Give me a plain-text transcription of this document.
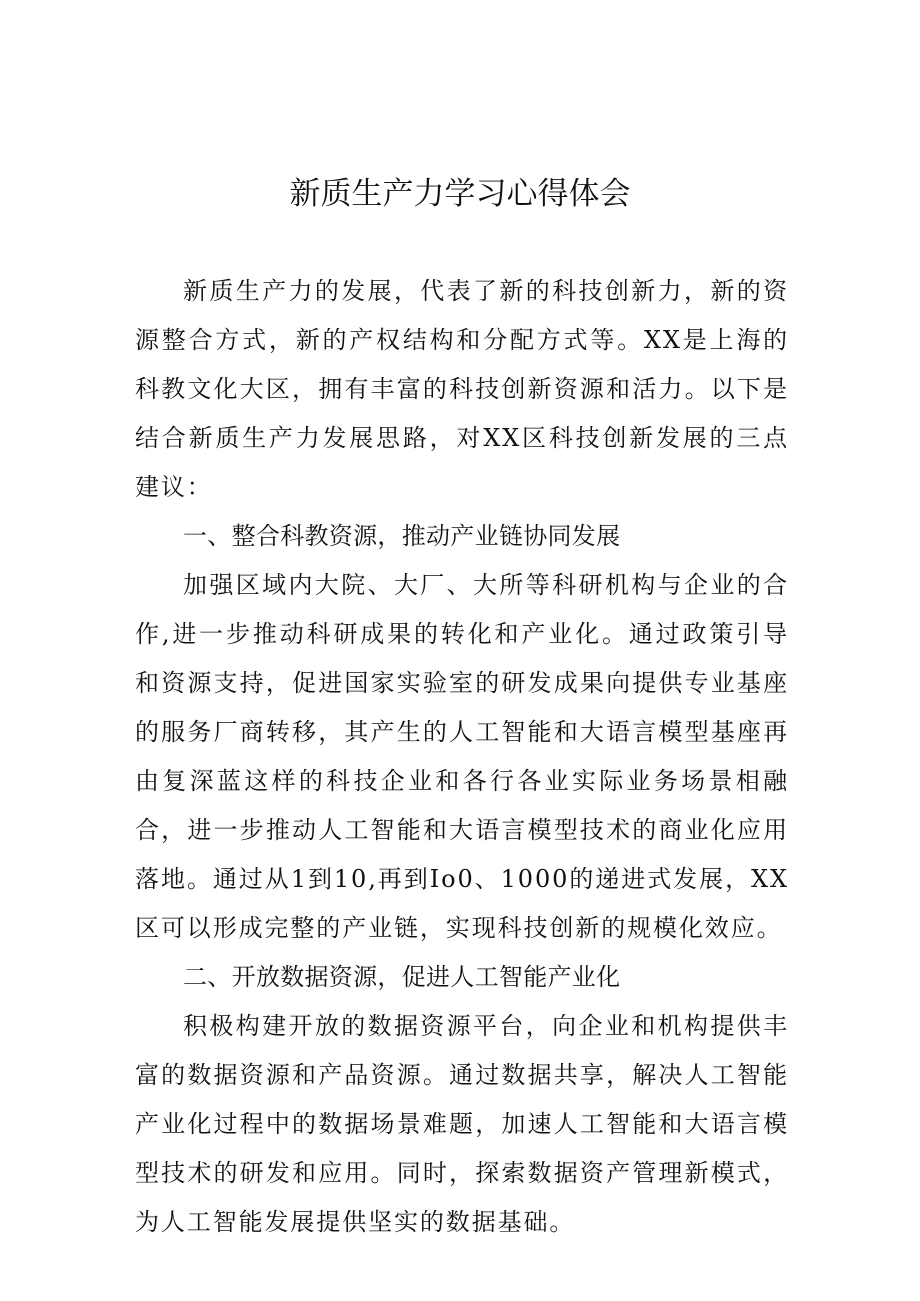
新质生产力学习心得体会

新质生产力的发展，代表了新的科技创新力，新的资源整合方式，新的产权结构和分配方式等。XX是上海的科教文化大区，拥有丰富的科技创新资源和活力。以下是结合新质生产力发展思路，对XX区科技创新发展的三点建议：

一、整合科教资源，推动产业链协同发展

加强区域内大院、大厂、大所等科研机构与企业的合作,进一步推动科研成果的转化和产业化。通过政策引导和资源支持，促进国家实验室的研发成果向提供专业基座的服务厂商转移，其产生的人工智能和大语言模型基座再由复深蓝这样的科技企业和各行各业实际业务场景相融合，进一步推动人工智能和大语言模型技术的商业化应用落地。通过从1到10,再到Io0、1000的递进式发展，XX区可以形成完整的产业链，实现科技创新的规模化效应。

二、开放数据资源，促进人工智能产业化

积极构建开放的数据资源平台，向企业和机构提供丰富的数据资源和产品资源。通过数据共享，解决人工智能产业化过程中的数据场景难题，加速人工智能和大语言模型技术的研发和应用。同时，探索数据资产管理新模式，为人工智能发展提供坚实的数据基础。
